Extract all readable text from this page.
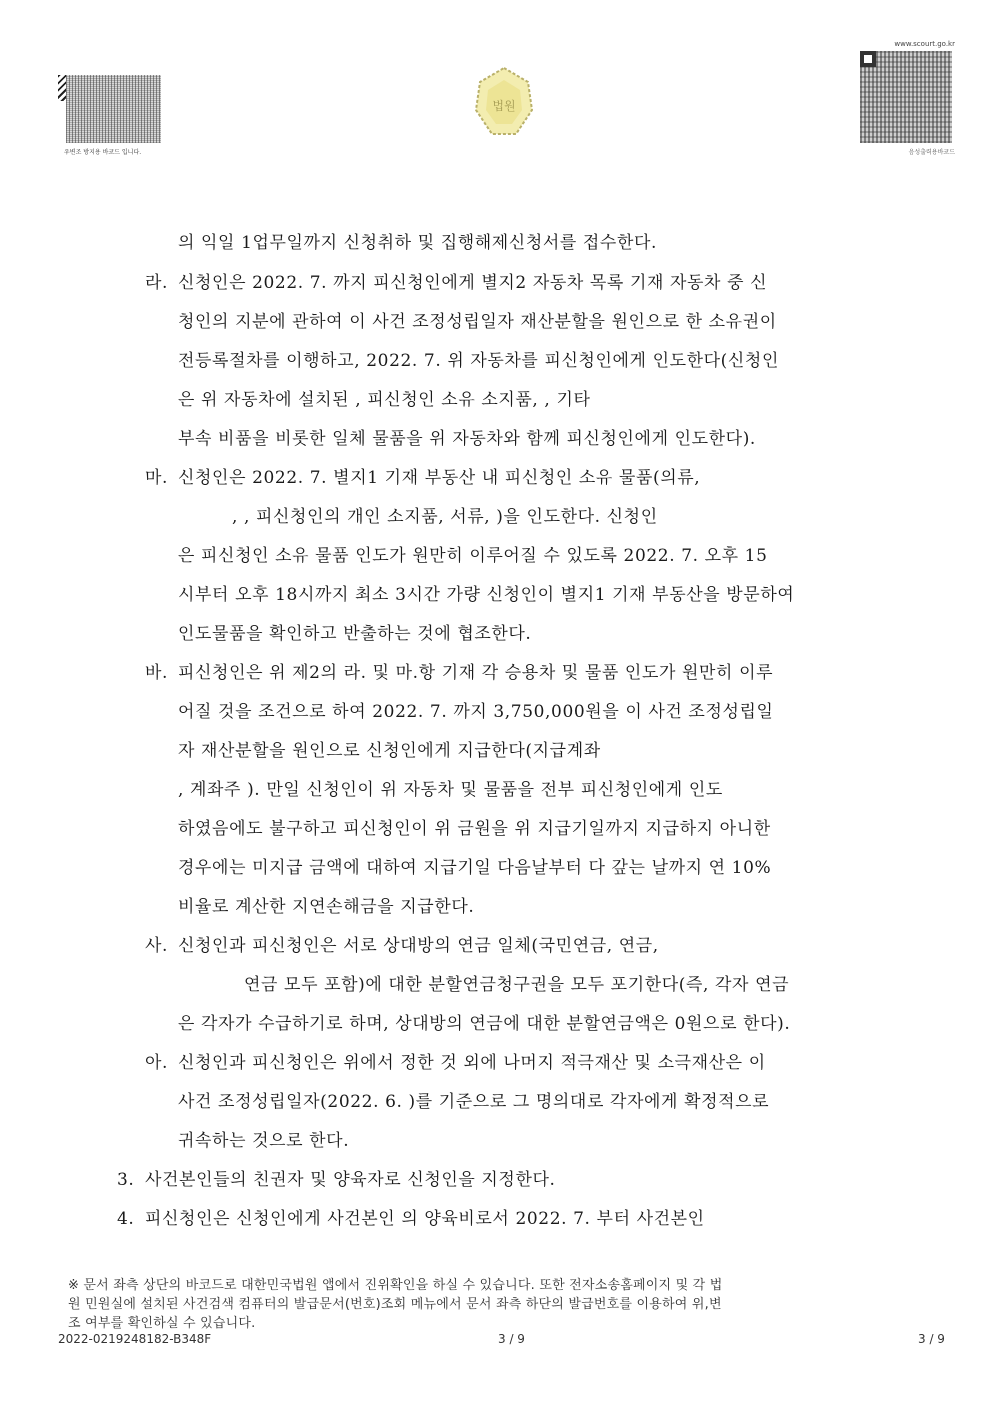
우변조 방지용 바코드 입니다.
법원
www.scourt.go.kr
음성출력용바코드
의 익일 1업무일까지 신청취하 및 집행해제신청서를 접수한다.
라. 신청인은 2022. 7. 까지 피신청인에게 별지2 자동차 목록 기재 자동차 중 신
청인의 지분에 관하여 이 사건 조정성립일자 재산분할을 원인으로 한 소유권이
전등록절차를 이행하고, 2022. 7. 위 자동차를 피신청인에게 인도한다(신청인
은 위 자동차에 설치된 , 피신청인 소유 소지품, , 기타
부속 비품을 비롯한 일체 물품을 위 자동차와 함께 피신청인에게 인도한다).
마. 신청인은 2022. 7. 별지1 기재 부동산 내 피신청인 소유 물품(의류,
, , 피신청인의 개인 소지품, 서류, )을 인도한다. 신청인
은 피신청인 소유 물품 인도가 원만히 이루어질 수 있도록 2022. 7. 오후 15
시부터 오후 18시까지 최소 3시간 가량 신청인이 별지1 기재 부동산을 방문하여
인도물품을 확인하고 반출하는 것에 협조한다.
바. 피신청인은 위 제2의 라. 및 마.항 기재 각 승용차 및 물품 인도가 원만히 이루
어질 것을 조건으로 하여 2022. 7. 까지 3,750,000원을 이 사건 조정성립일
자 재산분할을 원인으로 신청인에게 지급한다(지급계좌
, 계좌주 ). 만일 신청인이 위 자동차 및 물품을 전부 피신청인에게 인도
하였음에도 불구하고 피신청인이 위 금원을 위 지급기일까지 지급하지 아니한
경우에는 미지급 금액에 대하여 지급기일 다음날부터 다 갚는 날까지 연 10%
비율로 계산한 지연손해금을 지급한다.
사. 신청인과 피신청인은 서로 상대방의 연금 일체(국민연금, 연금,
연금 모두 포함)에 대한 분할연금청구권을 모두 포기한다(즉, 각자 연금
은 각자가 수급하기로 하며, 상대방의 연금에 대한 분할연금액은 0원으로 한다).
아. 신청인과 피신청인은 위에서 정한 것 외에 나머지 적극재산 및 소극재산은 이
사건 조정성립일자(2022. 6. )를 기준으로 그 명의대로 각자에게 확정적으로
귀속하는 것으로 한다.
3. 사건본인들의 친권자 및 양육자로 신청인을 지정한다.
4. 피신청인은 신청인에게 사건본인 의 양육비로서 2022. 7. 부터 사건본인
※ 문서 좌측 상단의 바코드로 대한민국법원 앱에서 진위확인을 하실 수 있습니다. 또한 전자소송홈페이지 및 각 법
원 민원실에 설치된 사건검색 컴퓨터의 발급문서(번호)조회 메뉴에서 문서 좌측 하단의 발급번호를 이용하여 위,변
조 여부를 확인하실 수 있습니다.
2022-0219248182-B348F	3 / 9	3 / 9
